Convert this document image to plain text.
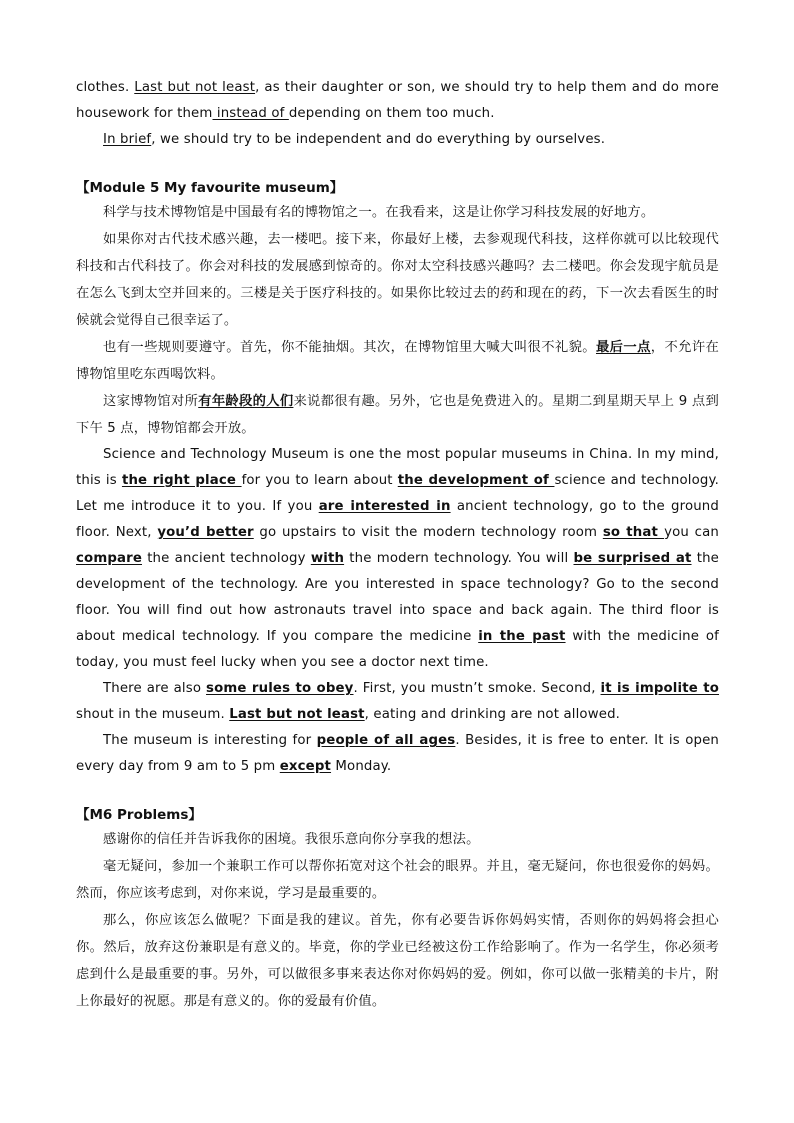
clothes. Last but not least, as their daughter or son, we should try to help them and do more housework for them instead of depending on them too much.

In brief, we should try to be independent and do everything by ourselves.

【Module 5 My favourite museum】

科学与技术博物馆是中国最有名的博物馆之一。在我看来，这是让你学习科技发展的好地方。

如果你对古代技术感兴趣，去一楼吧。接下来，你最好上楼，去参观现代科技，这样你就可以比较现代科技和古代科技了。你会对科技的发展感到惊奇的。你对太空科技感兴趣吗？去二楼吧。你会发现宇航员是在怎么飞到太空并回来的。三楼是关于医疗科技的。如果你比较过去的药和现在的药，下一次去看医生的时候就会觉得自己很幸运了。

也有一些规则要遵守。首先，你不能抽烟。其次，在博物馆里大喊大叫很不礼貌。最后一点，不允许在博物馆里吃东西喝饮料。

这家博物馆对所有年龄段的人们来说都很有趣。另外，它也是免费进入的。星期二到星期天早上 9 点到下午 5 点，博物馆都会开放。

Science and Technology Museum is one the most popular museums in China. In my mind, this is the right place for you to learn about the development of science and technology. Let me introduce it to you. If you are interested in ancient technology, go to the ground floor. Next, you’d better go upstairs to visit the modern technology room so that you can compare the ancient technology with the modern technology. You will be surprised at the development of the technology. Are you interested in space technology? Go to the second floor. You will find out how astronauts travel into space and back again. The third floor is about medical technology. If you compare the medicine in the past with the medicine of today, you must feel lucky when you see a doctor next time.

There are also some rules to obey. First, you mustn’t smoke. Second, it is impolite to shout in the museum. Last but not least, eating and drinking are not allowed.

The museum is interesting for people of all ages. Besides, it is free to enter. It is open every day from 9 am to 5 pm except Monday.

【M6 Problems】

感谢你的信任并告诉我你的困境。我很乐意向你分享我的想法。

毫无疑问，参加一个兼职工作可以帮你拓宽对这个社会的眼界。并且，毫无疑问，你也很爱你的妈妈。然而，你应该考虑到，对你来说，学习是最重要的。

那么，你应该怎么做呢？下面是我的建议。首先，你有必要告诉你妈妈实情，否则你的妈妈将会担心你。然后，放弃这份兼职是有意义的。毕竟，你的学业已经被这份工作给影响了。作为一名学生，你必须考虑到什么是最重要的事。另外，可以做很多事来表达你对你妈妈的爱。例如，你可以做一张精美的卡片，附上你最好的祝愿。那是有意义的。你的爱最有价值。
